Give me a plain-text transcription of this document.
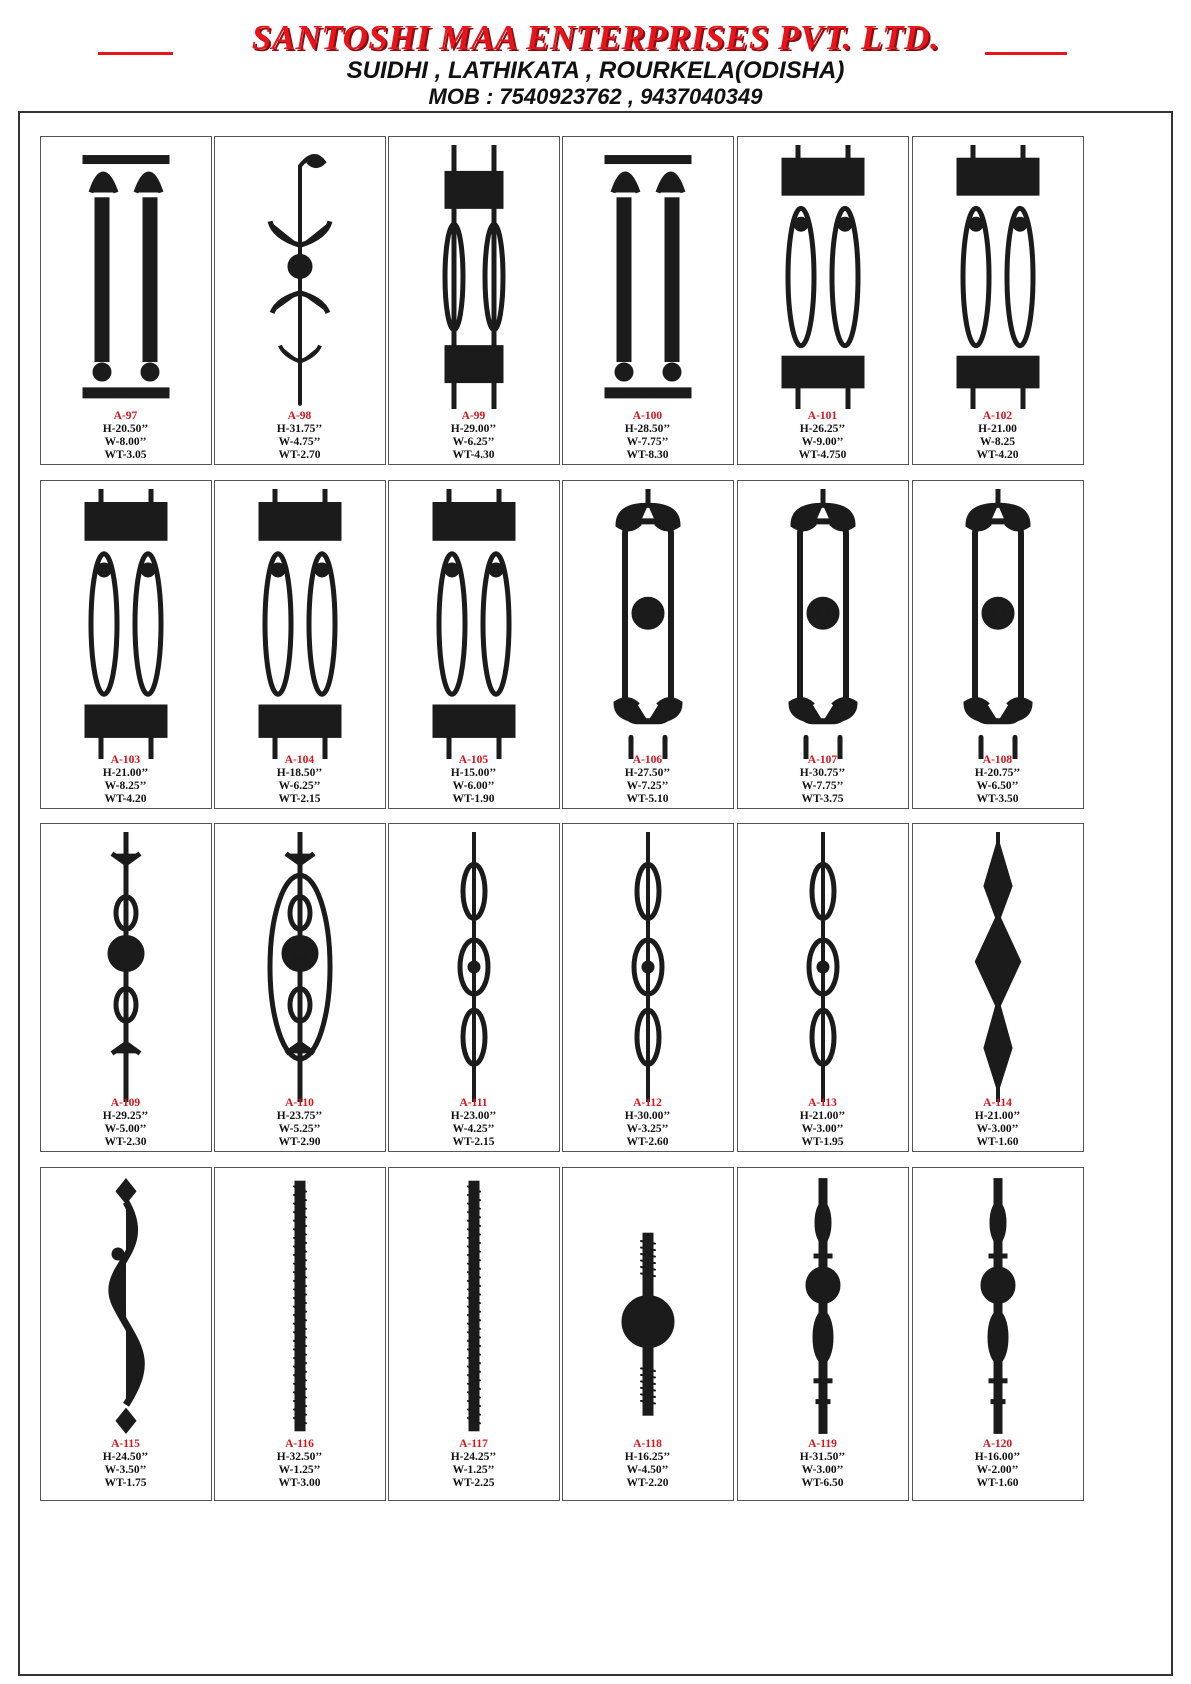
SANTOSHI MAA ENTERPRISES PVT. LTD.
SUIDHI , LATHIKATA , ROURKELA(ODISHA)
MOB : 7540923762 , 9437040349
A-97
H-20.50’’
W-8.00’’
WT-3.05
A-98
H-31.75’’
W-4.75’’
WT-2.70
A-99
H-29.00’’
W-6.25’’
WT-4.30
A-100
H-28.50’’
W-7.75’’
WT-8.30
A-101
H-26.25’’
W-9.00’’
WT-4.750
A-102
H-21.00
W-8.25
WT-4.20
A-103
H-21.00’’
W-8.25’’
WT-4.20
A-104
H-18.50’’
W-6.25’’
WT-2.15
A-105
H-15.00’’
W-6.00’’
WT-1.90
A-106
H-27.50’’
W-7.25’’
WT-5.10
A-107
H-30.75’’
W-7.75’’
WT-3.75
A-108
H-20.75’’
W-6.50’’
WT-3.50
A-109
H-29.25’’
W-5.00’’
WT-2.30
A-110
H-23.75’’
W-5.25’’
WT-2.90
A-111
H-23.00’’
W-4.25’’
WT-2.15
A-112
H-30.00’’
W-3.25’’
WT-2.60
A-113
H-21.00’’
W-3.00’’
WT-1.95
A-114
H-21.00’’
W-3.00’’
WT-1.60
A-115
H-24.50’’
W-3.50’’
WT-1.75
A-116
H-32.50’’
W-1.25’’
WT-3.00
A-117
H-24.25’’
W-1.25’’
WT-2.25
A-118
H-16.25’’
W-4.50’’
WT-2.20
A-119
H-31.50’’
W-3.00’’
WT-6.50
A-120
H-16.00’’
W-2.00’’
WT-1.60
